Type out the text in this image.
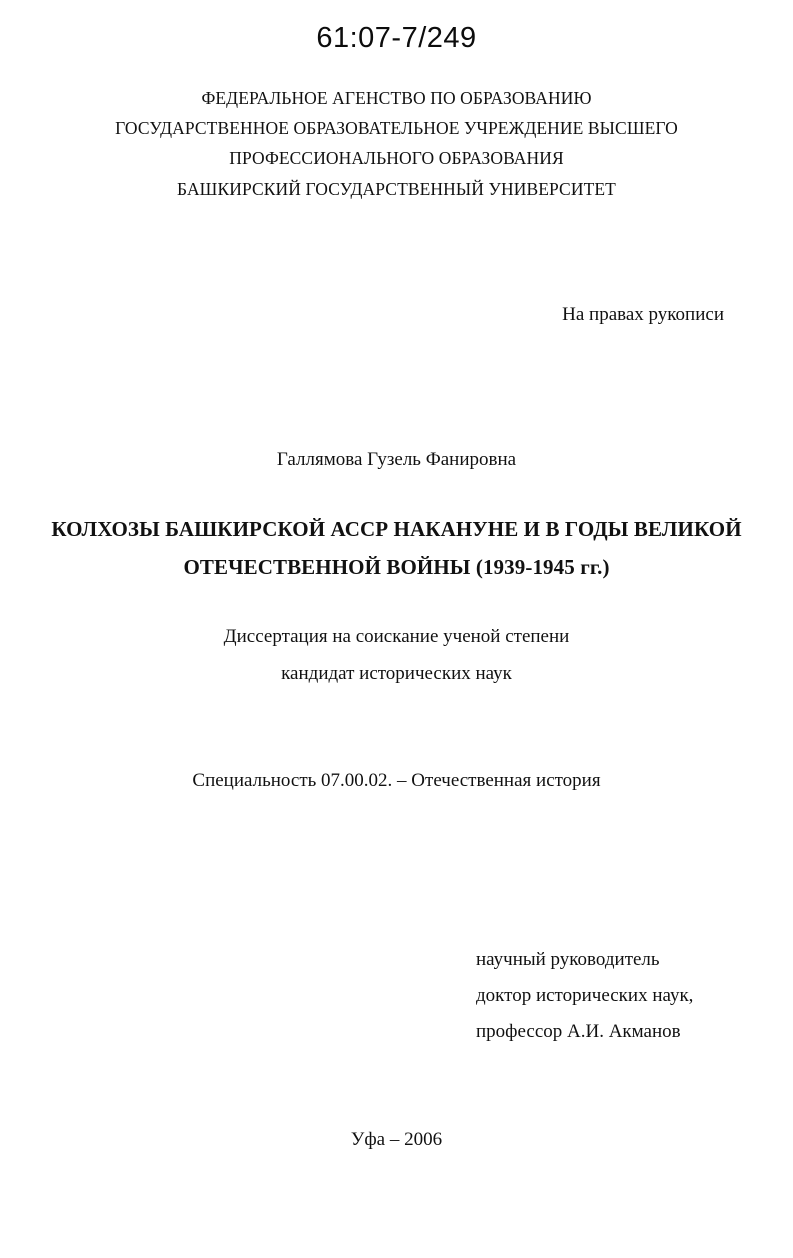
61:07-7/249
ФЕДЕРАЛЬНОЕ АГЕНСТВО ПО ОБРАЗОВАНИЮ
ГОСУДАРСТВЕННОЕ ОБРАЗОВАТЕЛЬНОЕ УЧРЕЖДЕНИЕ ВЫСШЕГО
ПРОФЕССИОНАЛЬНОГО ОБРАЗОВАНИЯ
БАШКИРСКИЙ ГОСУДАРСТВЕННЫЙ УНИВЕРСИТЕТ
На правах рукописи
Галлямова Гузель Фанировна
КОЛХОЗЫ БАШКИРСКОЙ АССР НАКАНУНЕ И В ГОДЫ ВЕЛИКОЙ
ОТЕЧЕСТВЕННОЙ ВОЙНЫ (1939-1945 гг.)
Диссертация на соискание ученой степени
кандидат исторических наук
Специальность 07.00.02. – Отечественная история
научный руководитель
доктор исторических наук,
профессор А.И. Акманов
Уфа – 2006
